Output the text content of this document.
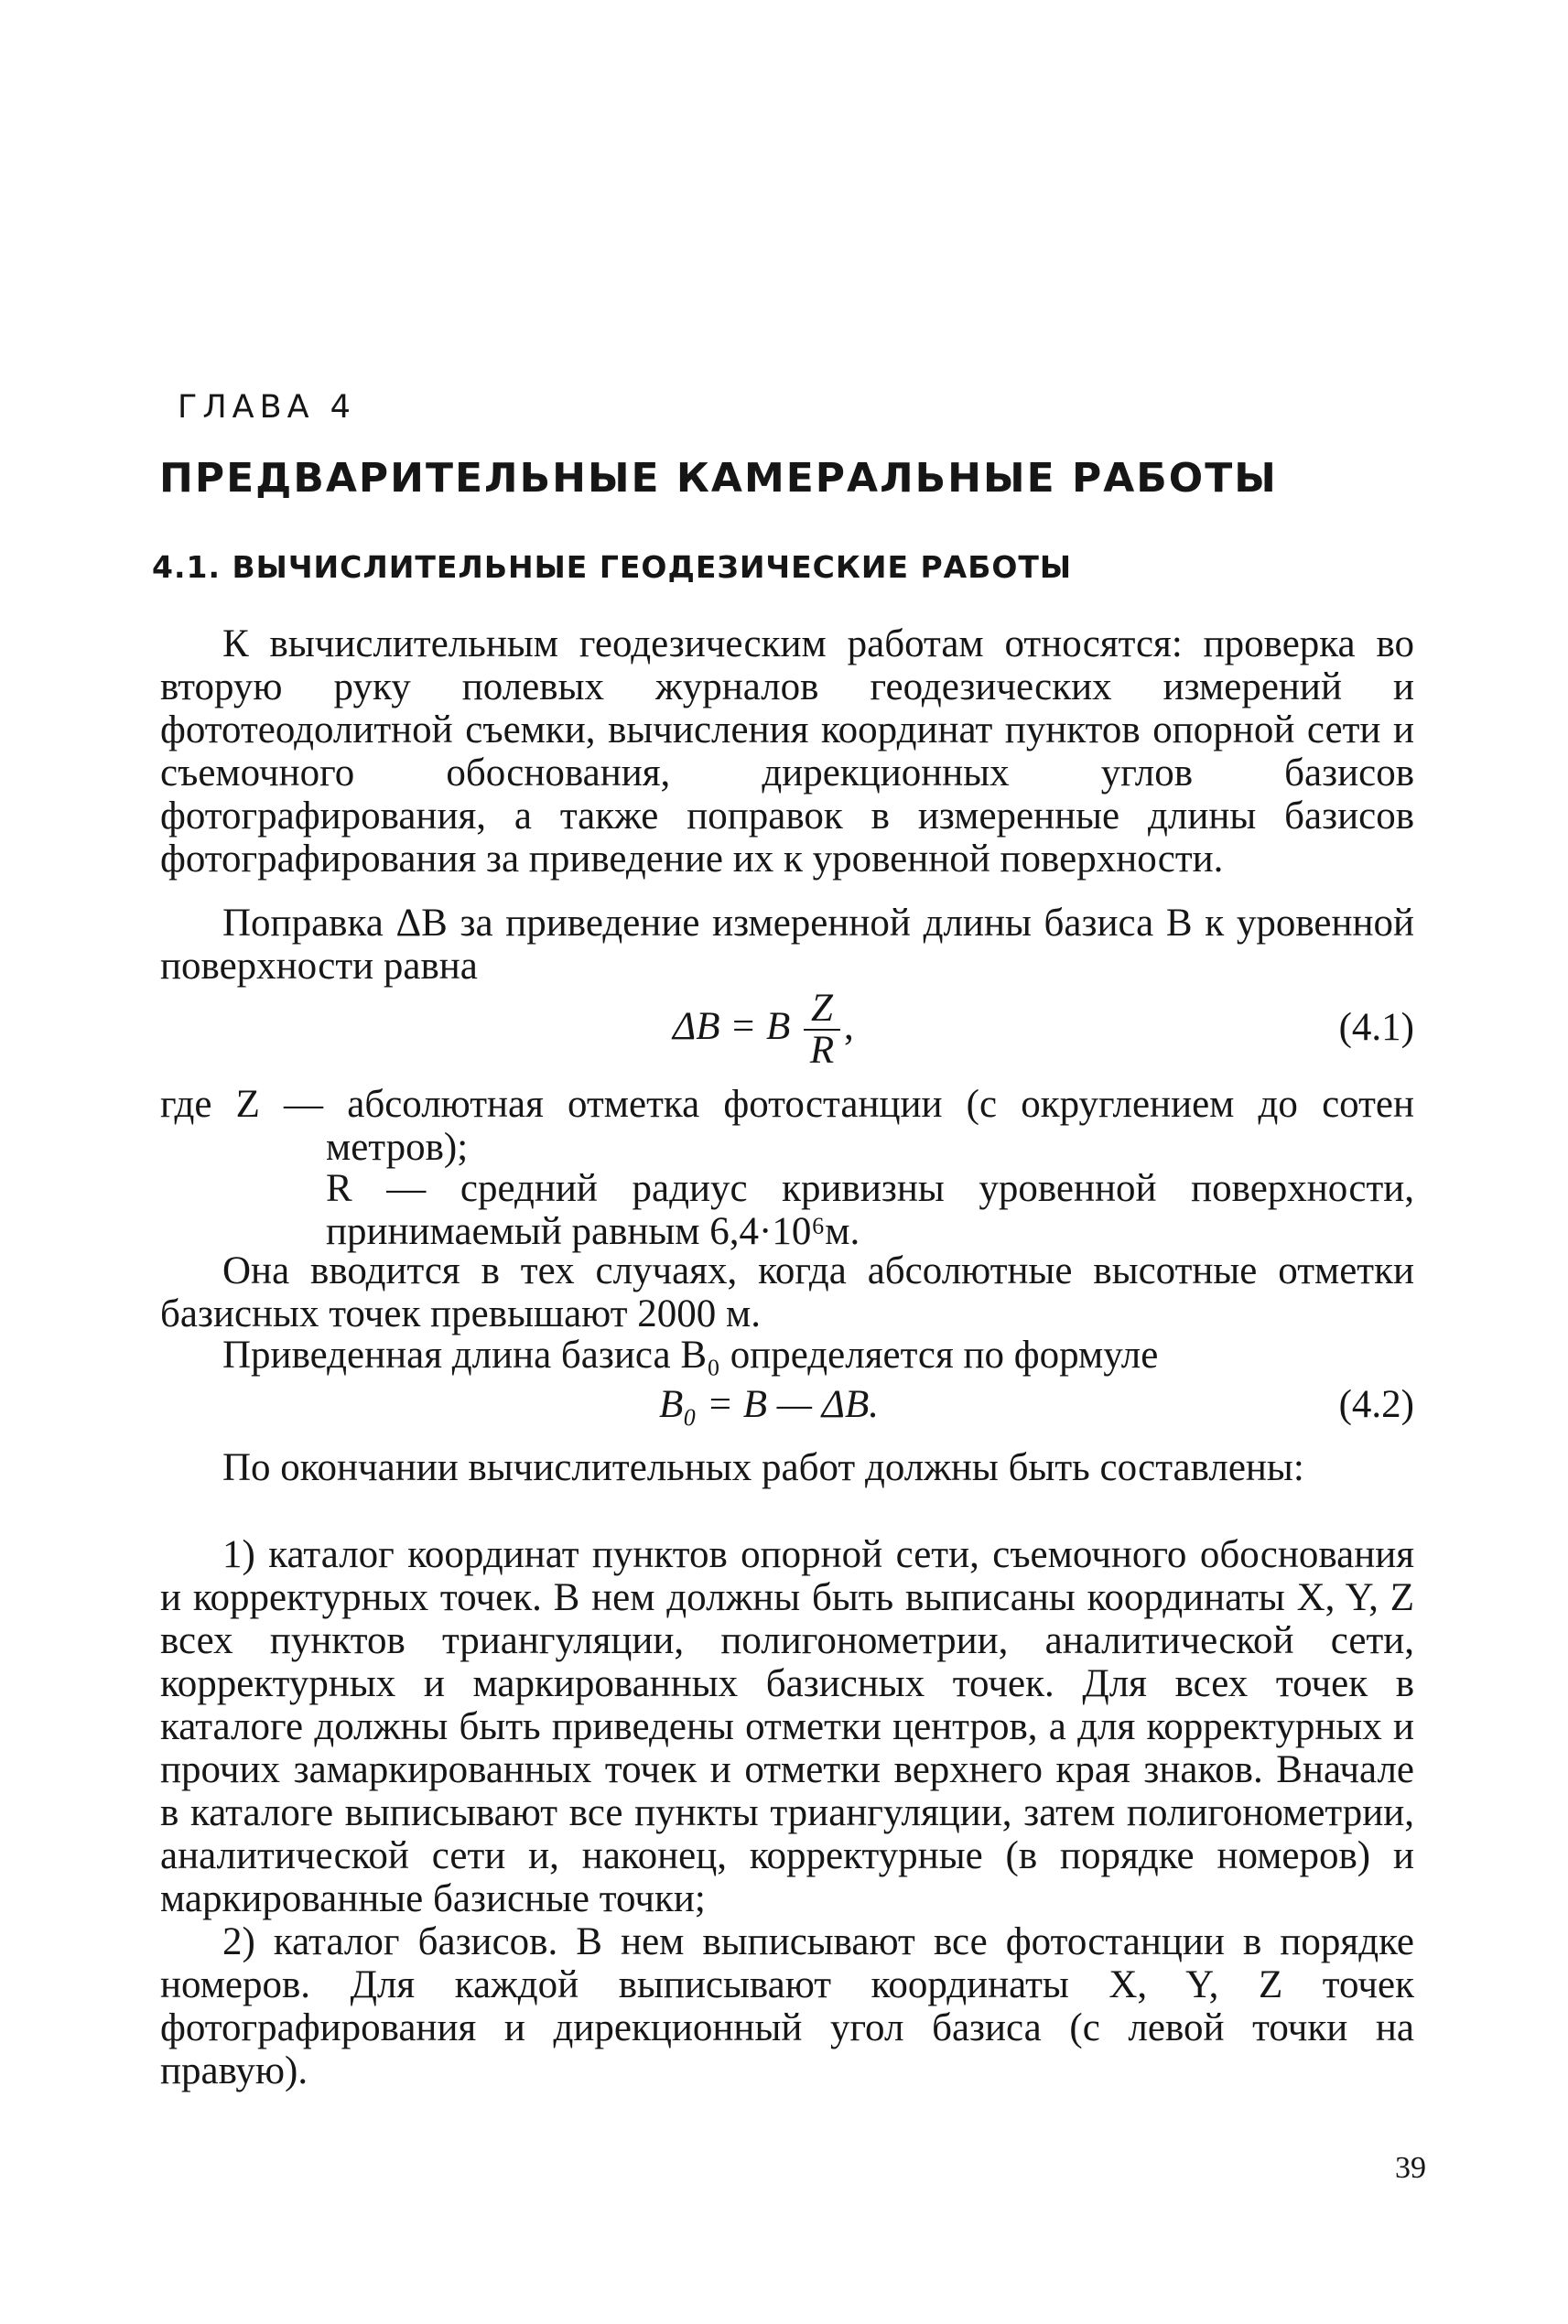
ГЛАВА 4
ПРЕДВАРИТЕЛЬНЫЕ КАМЕРАЛЬНЫЕ РАБОТЫ
4.1. ВЫЧИСЛИТЕЛЬНЫЕ ГЕОДЕЗИЧЕСКИЕ РАБОТЫ

К вычислительным геодезическим работам относятся: проверка во вторую руку полевых журналов геодезических измерений и фототеодолитной съемки, вычисления координат пунктов опорной сети и съемочного обоснования, дирекционных углов базисов фотографирования, а также поправок в измеренные длины базисов фотографирования за приведение их к уровенной поверхности.

Поправка ΔB за приведение измеренной длины базиса B к уровенной поверхности равна

ΔB = B $\frac{Z}{R}$ ,	(4.1)

где Z — абсолютная отметка фотостанции (с округлением до сотен метров);

R — средний радиус кривизны уровенной поверхности, принимаемый равным 6,4·10⁶м.

Она вводится в тех случаях, когда абсолютные высотные отметки базисных точек превышают 2000 м.

Приведенная длина базиса B₀ определяется по формуле

B₀ = B — ΔB.	(4.2)

По окончании вычислительных работ должны быть составлены:

1) каталог координат пунктов опорной сети, съемочного обоснования и корректурных точек. В нем должны быть выписаны координаты X, Y, Z всех пунктов триангуляции, полигонометрии, аналитической сети, корректурных и маркированных базисных точек. Для всех точек в каталоге должны быть приведены отметки центров, а для корректурных и прочих замаркированных точек и отметки верхнего края знаков. Вначале в каталоге выписывают все пункты триангуляции, затем полигонометрии, аналитической сети и, наконец, корректурные (в порядке номеров) и маркированные базисные точки;

2) каталог базисов. В нем выписывают все фотостанции в порядке номеров. Для каждой выписывают координаты X, Y, Z точек фотографирования и дирекционный угол базиса (с левой точки на правую).

39
